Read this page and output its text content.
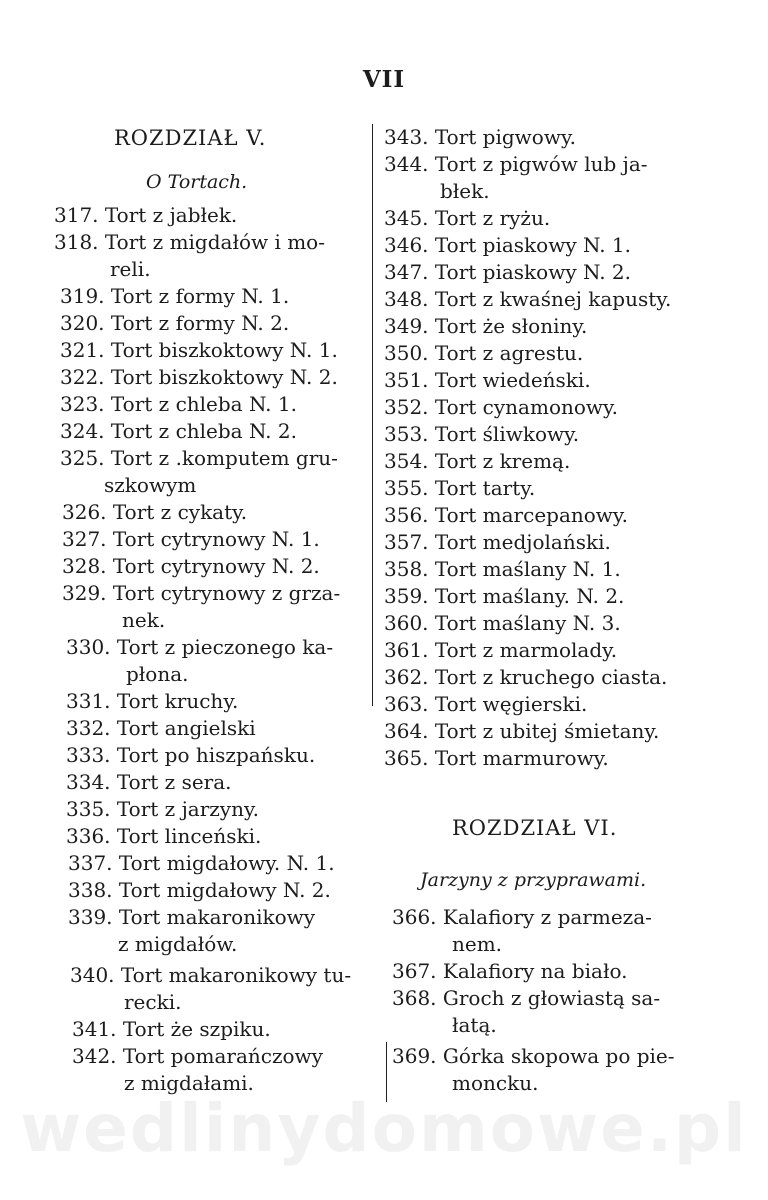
VII
ROZDZIAŁ V.
O Tortach.
317. Tort z jabłek.
318. Tort z migdałów i mo-
reli.
319. Tort z formy N. 1.
320. Tort z formy N. 2.
321. Tort biszkoktowy N. 1.
322. Tort biszkoktowy N. 2.
323. Tort z chleba N. 1.
324. Tort z chleba N. 2.
325. Tort z .komputem gru-
szkowym
326. Tort z cykaty.
327. Tort cytrynowy N. 1.
328. Tort cytrynowy N. 2.
329. Tort cytrynowy z grza-
nek.
330. Tort z pieczonego ka-
płona.
331. Tort kruchy.
332. Tort angielski
333. Tort po hiszpańsku.
334. Tort z sera.
335. Tort z jarzyny.
336. Tort linceński.
337. Tort migdałowy. N. 1.
338. Tort migdałowy N. 2.
339. Tort makaronikowy
z migdałów.
340. Tort makaronikowy tu-
recki.
341. Tort że szpiku.
342. Tort pomarańczowy
z migdałami.
343. Tort pigwowy.
344. Tort z pigwów lub ja-
błek.
345. Tort z ryżu.
346. Tort piaskowy N. 1.
347. Tort piaskowy N. 2.
348. Tort z kwaśnej kapusty.
349. Tort że słoniny.
350. Tort z agrestu.
351. Tort wiedeński.
352. Tort cynamonowy.
353. Tort śliwkowy.
354. Tort z kremą.
355. Tort tarty.
356. Tort marcepanowy.
357. Tort medjolański.
358. Tort maślany N. 1.
359. Tort maślany. N. 2.
360. Tort maślany N. 3.
361. Tort z marmolady.
362. Tort z kruchego ciasta.
363. Tort węgierski.
364. Tort z ubitej śmietany.
365. Tort marmurowy.
ROZDZIAŁ VI.
Jarzyny z przyprawami.
366. Kalafiory z parmeza-
nem.
367. Kalafiory na biało.
368. Groch z głowiastą sa-
łatą.
369. Górka skopowa po pie-
moncku.
wedlinydomowe.pl
